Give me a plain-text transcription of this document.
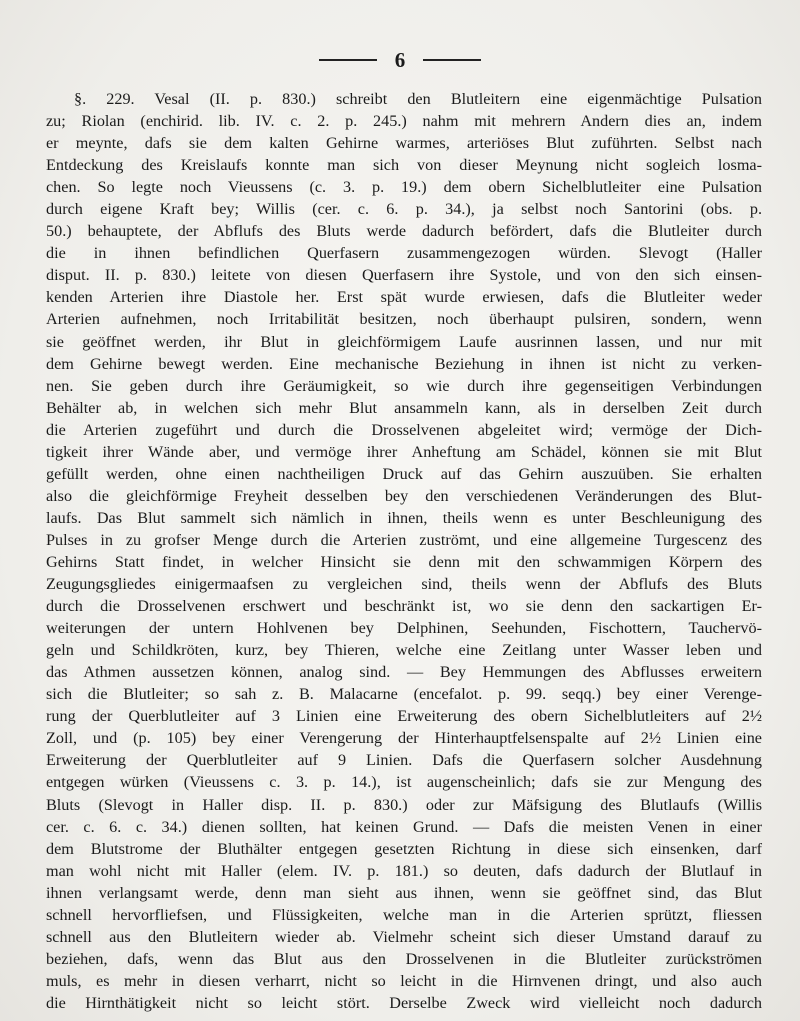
6
§. 229. Vesal (II. p. 830.) schreibt den Blutleitern eine eigenmächtige Pulsation
zu; Riolan (enchirid. lib. IV. c. 2. p. 245.) nahm mit mehrern Andern dies an, indem
er meynte, dafs sie dem kalten Gehirne warmes, arteriöses Blut zuführten. Selbst nach
Entdeckung des Kreislaufs konnte man sich von dieser Meynung nicht sogleich losma-
chen. So legte noch Vieussens (c. 3. p. 19.) dem obern Sichelblutleiter eine Pulsation
durch eigene Kraft bey; Willis (cer. c. 6. p. 34.), ja selbst noch Santorini (obs. p.
50.) behauptete, der Abflufs des Bluts werde dadurch befördert, dafs die Blutleiter durch
die in ihnen befindlichen Querfasern zusammengezogen würden. Slevogt (Haller
disput. II. p. 830.) leitete von diesen Querfasern ihre Systole, und von den sich einsen-
kenden Arterien ihre Diastole her. Erst spät wurde erwiesen, dafs die Blutleiter weder
Arterien aufnehmen, noch Irritabilität besitzen, noch überhaupt pulsiren, sondern, wenn
sie geöffnet werden, ihr Blut in gleichförmigem Laufe ausrinnen lassen, und nur mit
dem Gehirne bewegt werden. Eine mechanische Beziehung in ihnen ist nicht zu verken-
nen. Sie geben durch ihre Geräumigkeit, so wie durch ihre gegenseitigen Verbindungen
Behälter ab, in welchen sich mehr Blut ansammeln kann, als in derselben Zeit durch
die Arterien zugeführt und durch die Drosselvenen abgeleitet wird; vermöge der Dich-
tigkeit ihrer Wände aber, und vermöge ihrer Anheftung am Schädel, können sie mit Blut
gefüllt werden, ohne einen nachtheiligen Druck auf das Gehirn auszuüben. Sie erhalten
also die gleichförmige Freyheit desselben bey den verschiedenen Veränderungen des Blut-
laufs. Das Blut sammelt sich nämlich in ihnen, theils wenn es unter Beschleunigung des
Pulses in zu grofser Menge durch die Arterien zuströmt, und eine allgemeine Turgescenz des
Gehirns Statt findet, in welcher Hinsicht sie denn mit den schwammigen Körpern des
Zeugungsgliedes einigermaafsen zu vergleichen sind, theils wenn der Abflufs des Bluts
durch die Drosselvenen erschwert und beschränkt ist, wo sie denn den sackartigen Er-
weiterungen der untern Hohlvenen bey Delphinen, Seehunden, Fischottern, Tauchervö-
geln und Schildkröten, kurz, bey Thieren, welche eine Zeitlang unter Wasser leben und
das Athmen aussetzen können, analog sind. — Bey Hemmungen des Abflusses erweitern
sich die Blutleiter; so sah z. B. Malacarne (encefalot. p. 99. seqq.) bey einer Verenge-
rung der Querblutleiter auf 3 Linien eine Erweiterung des obern Sichelblutleiters auf 2½
Zoll, und (p. 105) bey einer Verengerung der Hinterhauptfelsenspalte auf 2½ Linien eine
Erweiterung der Querblutleiter auf 9 Linien. Dafs die Querfasern solcher Ausdehnung
entgegen würken (Vieussens c. 3. p. 14.), ist augenscheinlich; dafs sie zur Mengung des
Bluts (Slevogt in Haller disp. II. p. 830.) oder zur Mäfsigung des Blutlaufs (Willis
cer. c. 6. c. 34.) dienen sollten, hat keinen Grund. — Dafs die meisten Venen in einer
dem Blutstrome der Bluthälter entgegen gesetzten Richtung in diese sich einsenken, darf
man wohl nicht mit Haller (elem. IV. p. 181.) so deuten, dafs dadurch der Blutlauf in
ihnen verlangsamt werde, denn man sieht aus ihnen, wenn sie geöffnet sind, das Blut
schnell hervorfliefsen, und Flüssigkeiten, welche man in die Arterien sprützt, fliessen
schnell aus den Blutleitern wieder ab. Vielmehr scheint sich dieser Umstand darauf zu
beziehen, dafs, wenn das Blut aus den Drosselvenen in die Blutleiter zurückströmen
muls, es mehr in diesen verharrt, nicht so leicht in die Hirnvenen dringt, und also auch
die Hirnthätigkeit nicht so leicht stört. Derselbe Zweck wird vielleicht noch dadurch
